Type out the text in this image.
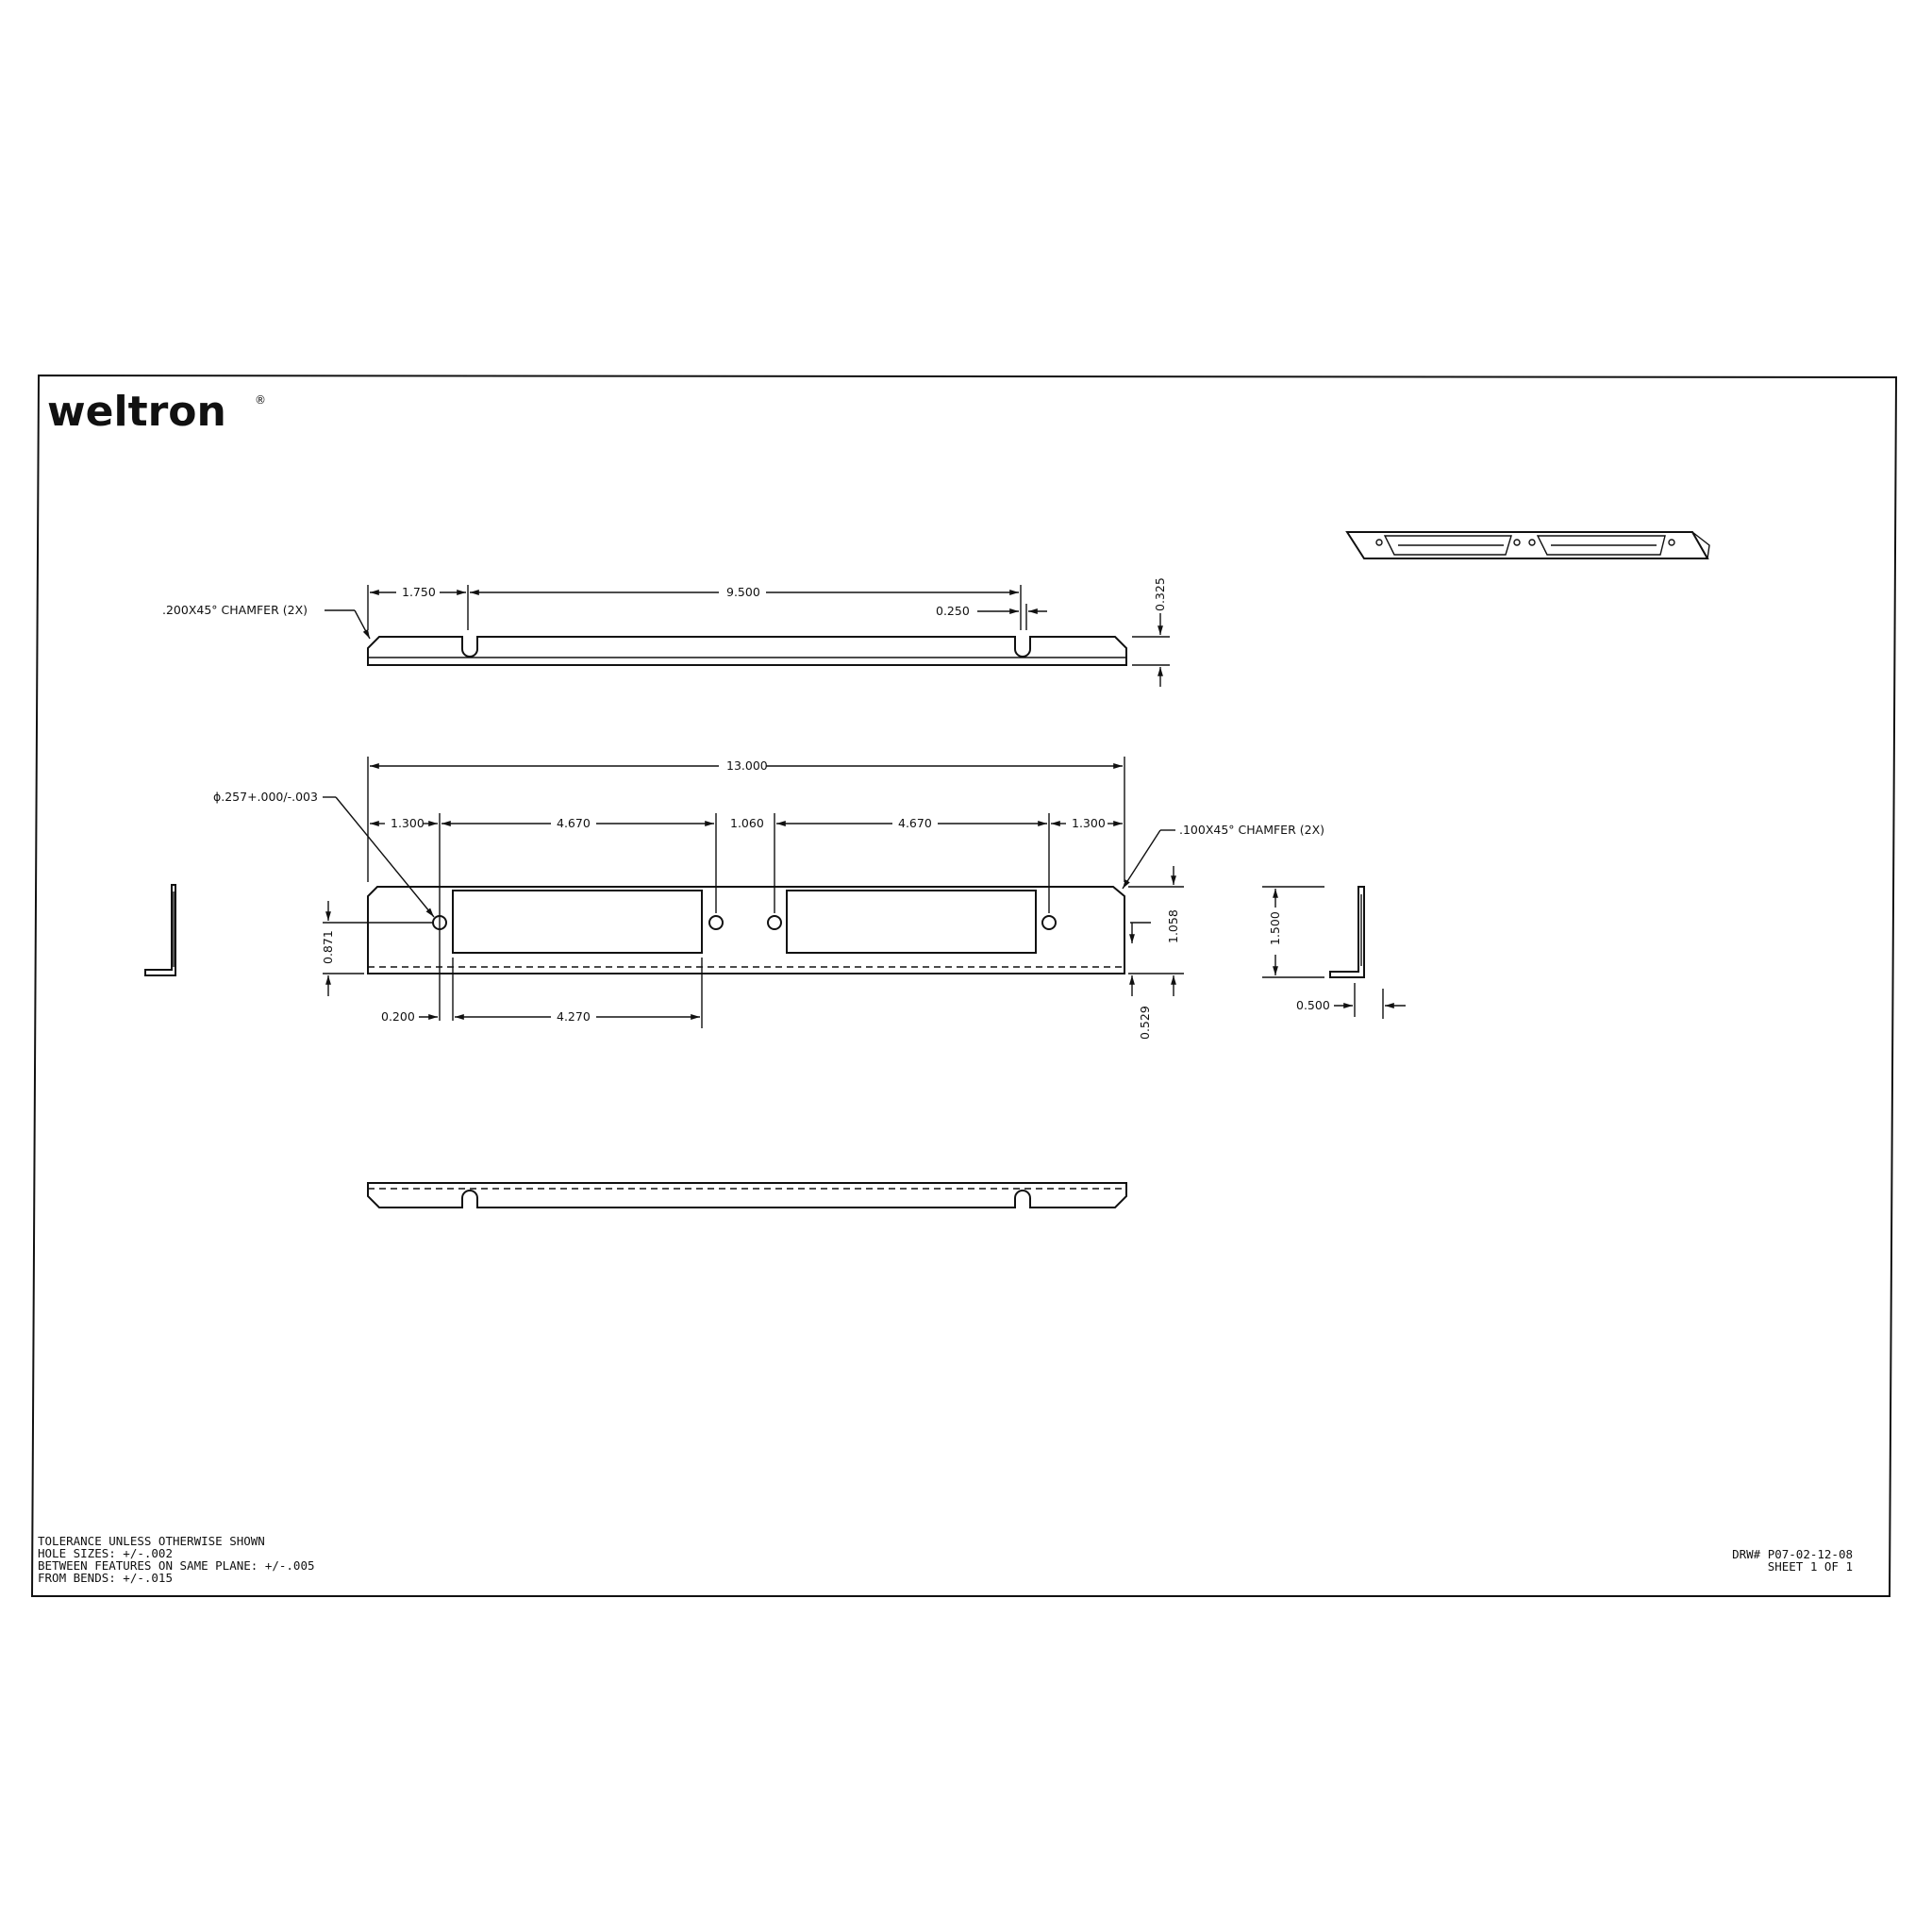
weltron	®
1.750	9.500
0.250
.200X45° CHAMFER (2X)	0.325
13.000
1.300	4.670	1.060	4.670	1.300
ϕ.257+.000/-.003
.100X45° CHAMFER (2X)
0.871
1.058
0.529
0.200	4.270
1.500
0.500
TOLERANCE UNLESS OTHERWISE SHOWN
HOLE SIZES: +/-.002
BETWEEN FEATURES ON SAME PLANE: +/-.005
FROM BENDS: +/-.015
DRW# P07-02-12-08
SHEET 1 OF 1
